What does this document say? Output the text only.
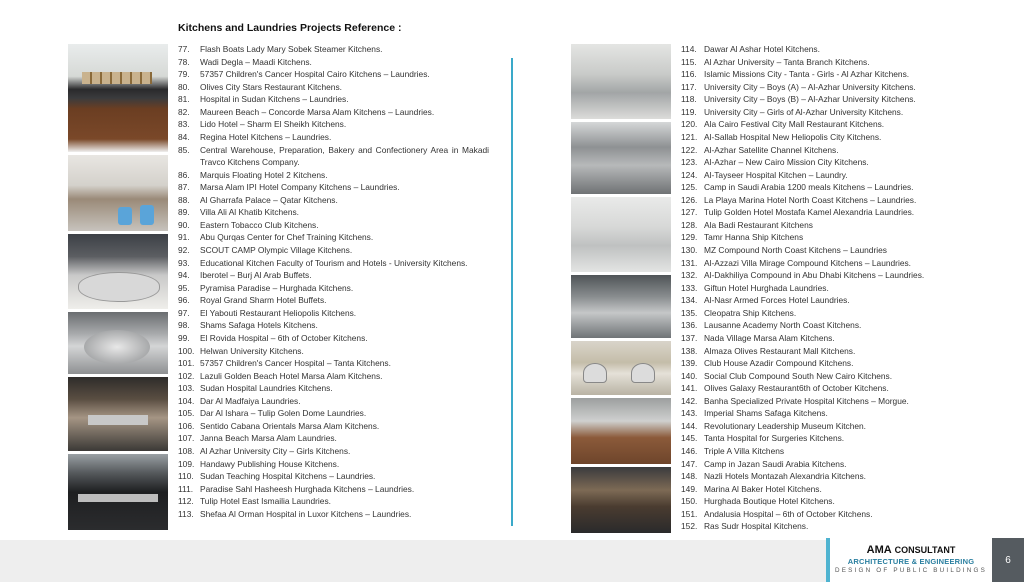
Kitchens and Laundries Projects Reference :
77.	Flash Boats Lady Mary Sobek Steamer Kitchens.
78.	Wadi Degla – Maadi Kitchens.
79.	57357 Children's Cancer Hospital Cairo Kitchens – Laundries.
80.	Olives City Stars Restaurant Kitchens.
81.	Hospital in Sudan Kitchens – Laundries.
82.	Maureen Beach – Concorde Marsa Alam Kitchens – Laundries.
83.	Lido Hotel – Sharm El Sheikh Kitchens.
84.	Regina Hotel Kitchens – Laundries.
85.	Central Warehouse, Preparation, Bakery and Confectionery Area in Makadi Travco Kitchens Company.
86.	Marquis Floating Hotel 2 Kitchens.
87.	Marsa Alam IPI Hotel Company Kitchens – Laundries.
88.	Al Gharrafa Palace – Qatar Kitchens.
89.	Villa Ali Al Khatib Kitchens.
90.	Eastern Tobacco Club Kitchens.
91.	Abu Qurqas Center for Chef Training Kitchens.
92.	SCOUT CAMP Olympic Village Kitchens.
93.	Educational Kitchen Faculty of Tourism and Hotels - University Kitchens.
94.	Iberotel – Burj Al Arab Buffets.
95.	Pyramisa Paradise – Hurghada Kitchens.
96.	Royal Grand Sharm Hotel Buffets.
97.	El Yabouti Restaurant Heliopolis Kitchens.
98.	Shams Safaga Hotels Kitchens.
99.	El Rovida Hospital – 6th of October Kitchens.
100. Helwan University Kitchens.
101. 57357 Children's Cancer Hospital – Tanta Kitchens.
102. Lazuli Golden Beach Hotel Marsa Alam Kitchens.
103. Sudan Hospital Laundries Kitchens.
104. Dar Al Madfaiya Laundries.
105. Dar Al Ishara – Tulip Golen Dome Laundries.
106. Sentido Cabana Orientals Marsa Alam Kitchens.
107. Janna Beach Marsa Alam Laundries.
108. Al Azhar University City – Girls Kitchens.
109. Handawy Publishing House Kitchens.
110. Sudan Teaching Hospital Kitchens – Laundries.
111. Paradise Sahl Hasheesh Hurghada Kitchens – Laundries.
112. Tulip Hotel East Ismailia Laundries.
113. Shefaa Al Orman Hospital in Luxor Kitchens – Laundries.
114. Dawar Al Ashar Hotel Kitchens.
115. Al Azhar University – Tanta Branch Kitchens.
116. Islamic Missions City - Tanta - Girls - Al Azhar Kitchens.
117. University City – Boys (A) – Al-Azhar University Kitchens.
118. University City – Boys (B) – Al-Azhar University Kitchens.
119. University City – Girls of Al-Azhar University Kitchens.
120. Ala Cairo Festival City Mall Restaurant Kitchens.
121. Al-Sallab Hospital New Heliopolis City Kitchens.
122. Al-Azhar Satellite Channel Kitchens.
123. Al-Azhar – New Cairo Mission City Kitchens.
124. Al-Tayseer Hospital Kitchen – Laundry.
125. Camp in Saudi Arabia 1200 meals Kitchens – Laundries.
126. La Playa Marina Hotel North Coast Kitchens – Laundries.
127. Tulip Golden Hotel Mostafa Kamel Alexandria Laundries.
128. Ala Badi Restaurant Kitchens
129. Tamr Hanna Ship Kitchens
130. MZ Compound North Coast Kitchens – Laundries
131. Al-Azzazi Villa Mirage Compound Kitchens – Laundries.
132. Al-Dakhiliya Compound in Abu Dhabi Kitchens – Laundries.
133. Giftun Hotel Hurghada Laundries.
134. Al-Nasr Armed Forces Hotel Laundries.
135. Cleopatra Ship Kitchens.
136. Lausanne Academy North Coast Kitchens.
137. Nada Village Marsa Alam Kitchens.
138. Almaza Olives Restaurant Mall Kitchens.
139. Club House Azadir Compound Kitchens.
140. Social Club Compound South New Cairo Kitchens.
141. Olives Galaxy Restaurant6th of October Kitchens.
142. Banha Specialized Private Hospital Kitchens – Morgue.
143. Imperial Shams Safaga Kitchens.
144. Revolutionary Leadership Museum Kitchen.
145. Tanta Hospital for Surgeries Kitchens.
146. Triple A Villa Kitchens
147. Camp in Jazan Saudi Arabia Kitchens.
148. Nazli Hotels Montazah Alexandria Kitchens.
149. Marina Al Baker Hotel Kitchens.
150. Hurghada Boutique Hotel Kitchens.
151. Andalusia Hospital – 6th of October Kitchens.
152. Ras Sudr Hospital Kitchens.
AMA CONSULTANT
ARCHITECTURE & ENGINEERING
DESIGN OF PUBLIC BUILDINGS
6
